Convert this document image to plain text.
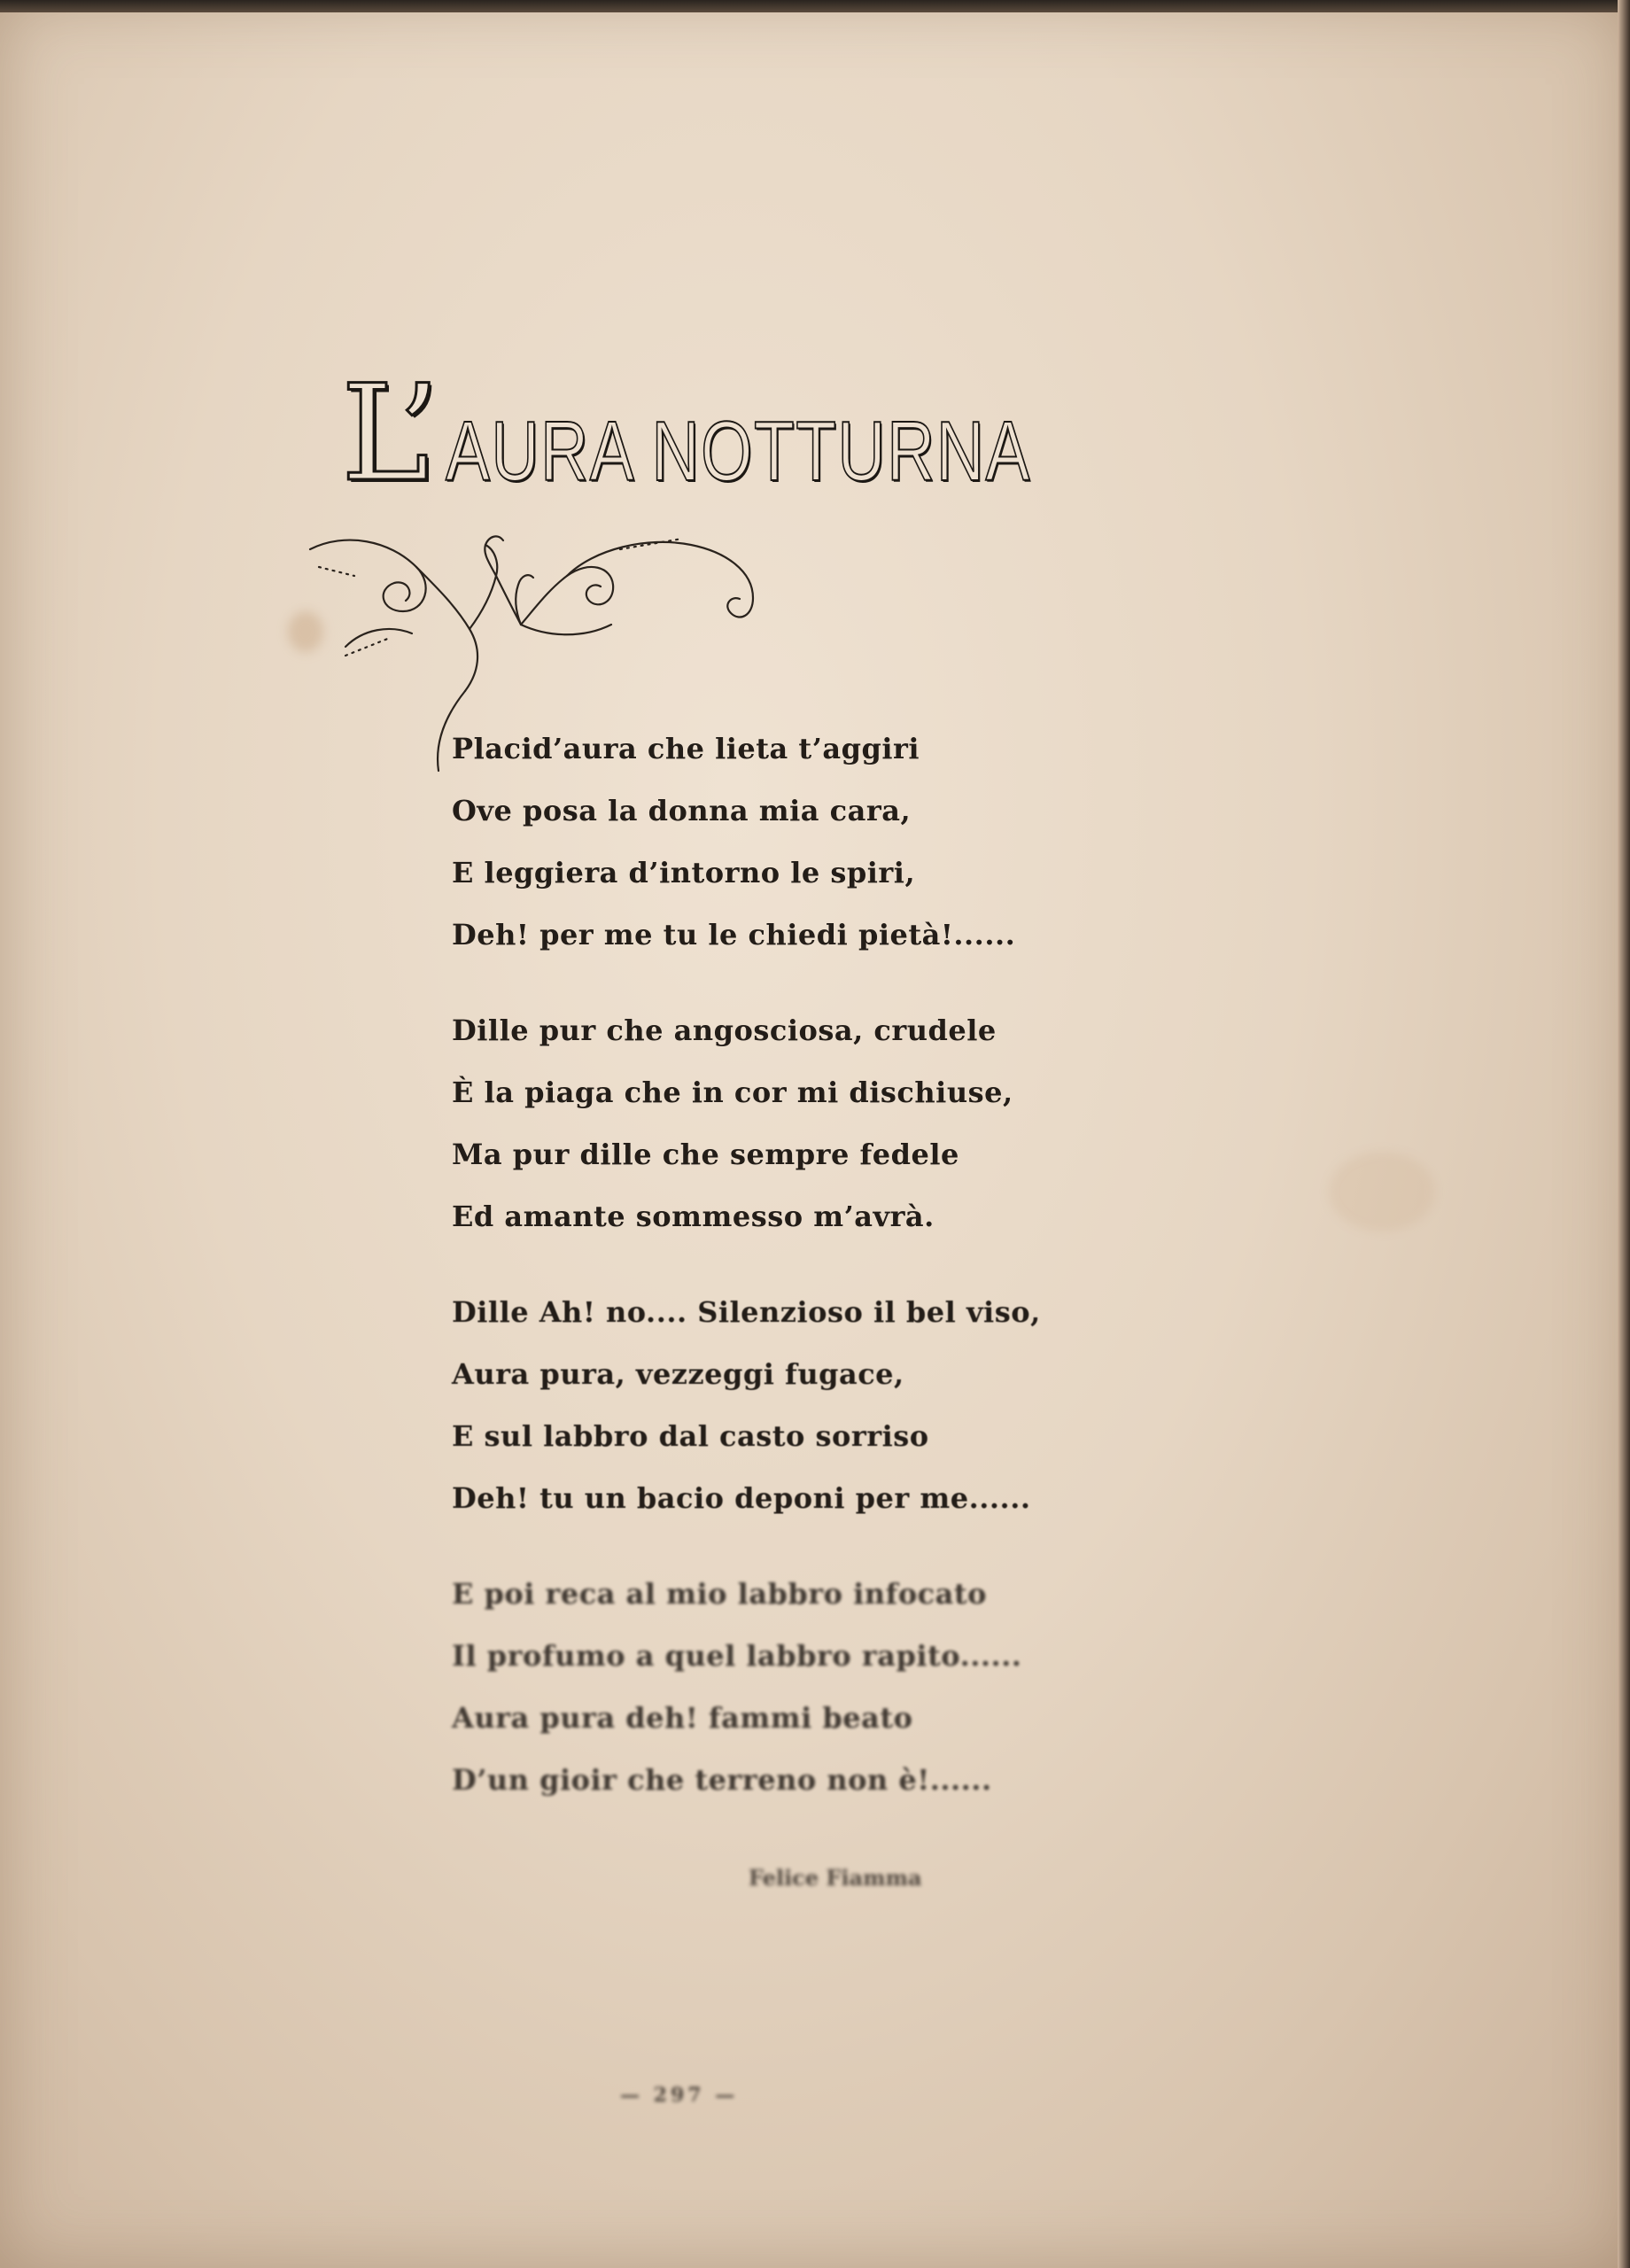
L’ AURA NOTTURNA
Placid’aura che lieta t’aggiri
Ove posa la donna mia cara,
E leggiera d’intorno le spiri,
Deh! per me tu le chiedi pietà!......
Dille pur che angosciosa, crudele
È la piaga che in cor mi dischiuse,
Ma pur dille che sempre fedele
Ed amante sommesso m’avrà.
Dille Ah! no.... Silenzioso il bel viso,
Aura pura, vezzeggi fugace,
E sul labbro dal casto sorriso
Deh! tu un bacio deponi per me......
E poi reca al mio labbro infocato
Il profumo a quel labbro rapito......
Aura pura deh! fammi beato
D’un gioir che terreno non è!......
Felice Fiamma
— 297 —
